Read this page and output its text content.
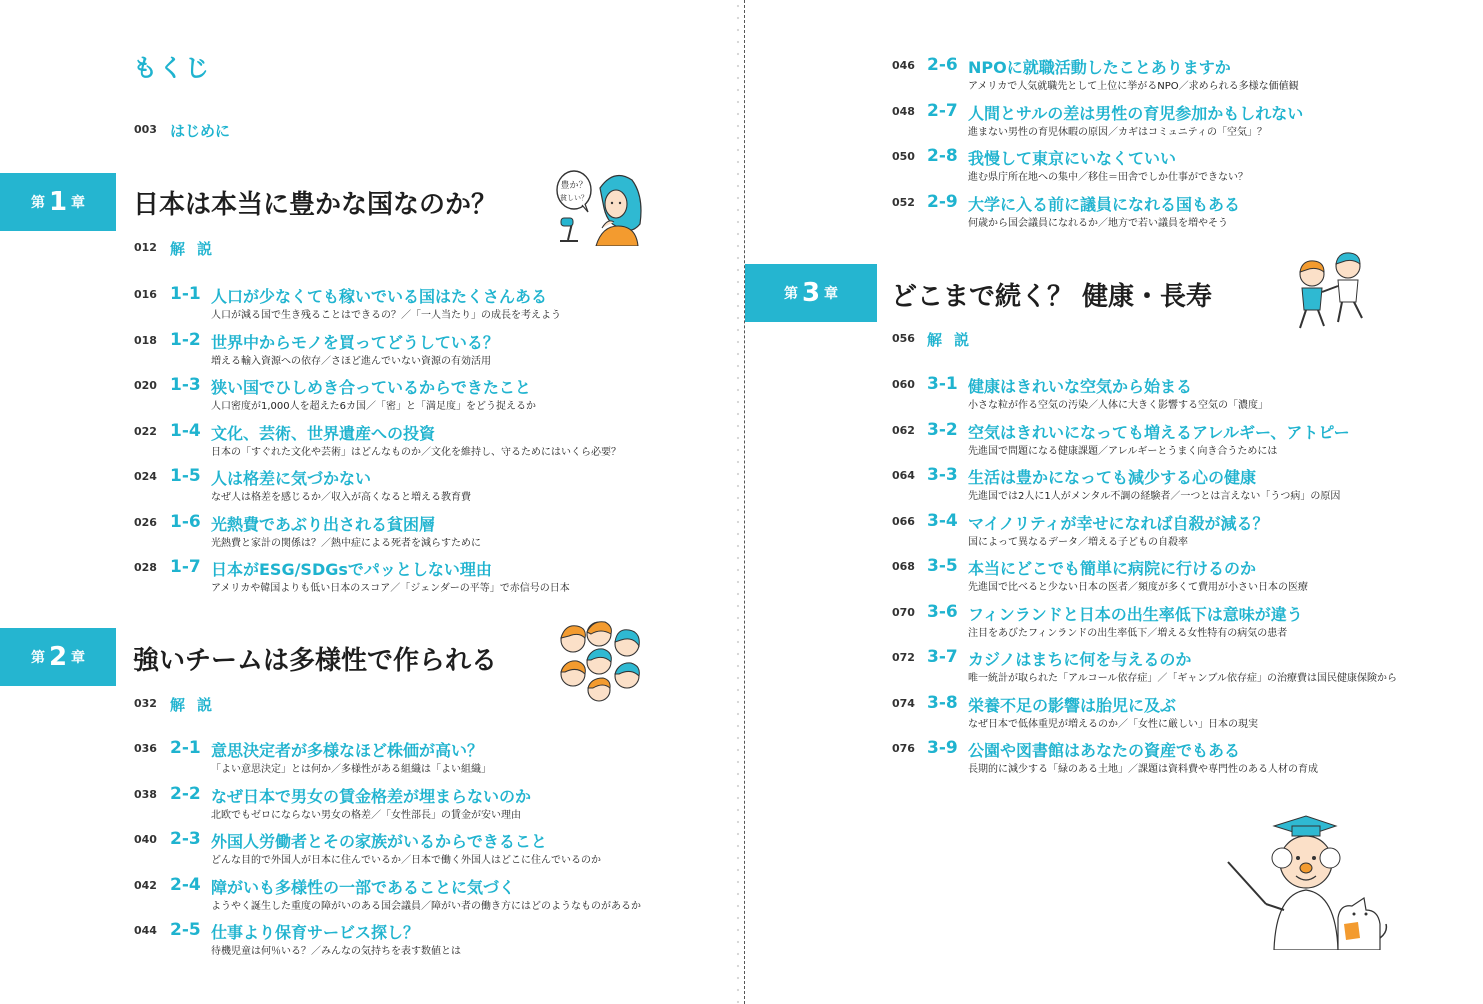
もくじ
003 はじめに
第 1 章 日本は本当に豊かな国なのか？
012 解説
016 1-1 人口が少なくても稼いでいる国はたくさんある
人口が減る国で生き残ることはできるの？／「一人当たり」の成長を考えよう
018 1-2 世界中からモノを買ってどうしている？
増える輸入資源への依存／さほど進んでいない資源の有効活用
020 1-3 狭い国でひしめき合っているからできたこと
人口密度が1,000人を超えた6カ国／「密」と「満足度」をどう捉えるか
022 1-4 文化、芸術、世界遺産への投資
日本の「すぐれた文化や芸術」はどんなものか／文化を維持し、守るためにはいくら必要？
024 1-5 人は格差に気づかない
なぜ人は格差を感じるか／収入が高くなると増える教育費
026 1-6 光熱費であぶり出される貧困層
光熱費と家計の関係は？／熱中症による死者を減らすために
028 1-7 日本がESG/SDGsでパッとしない理由
アメリカや韓国よりも低い日本のスコア／「ジェンダーの平等」で赤信号の日本
第 2 章 強いチームは多様性で作られる
032 解説
036 2-1 意思決定者が多様なほど株価が高い？
「よい意思決定」とは何か／多様性がある組織は「よい組織」
038 2-2 なぜ日本で男女の賃金格差が埋まらないのか
北欧でもゼロにならない男女の格差／「女性部長」の賃金が安い理由
040 2-3 外国人労働者とその家族がいるからできること
どんな目的で外国人が日本に住んでいるか／日本で働く外国人はどこに住んでいるのか
042 2-4 障がいも多様性の一部であることに気づく
ようやく誕生した重度の障がいのある国会議員／障がい者の働き方にはどのようなものがあるか
044 2-5 仕事より保育サービス探し？
待機児童は何％いる？／みんなの気持ちを表す数値とは
046 2-6 NPOに就職活動したことありますか
アメリカで人気就職先として上位に挙がるNPO／求められる多様な価値観
048 2-7 人間とサルの差は男性の育児参加かもしれない
進まない男性の育児休暇の原因／カギはコミュニティの「空気」？
050 2-8 我慢して東京にいなくていい
進む県庁所在地への集中／移住＝田舎でしか仕事ができない？
052 2-9 大学に入る前に議員になれる国もある
何歳から国会議員になれるか／地方で若い議員を増やそう
第 3 章 どこまで続く？ 健康・長寿
056 解説
060 3-1 健康はきれいな空気から始まる
小さな粒が作る空気の汚染／人体に大きく影響する空気の「濃度」
062 3-2 空気はきれいになっても増えるアレルギー、アトピー
先進国で問題になる健康課題／アレルギーとうまく向き合うためには
064 3-3 生活は豊かになっても減少する心の健康
先進国では2人に1人がメンタル不調の経験者／一つとは言えない「うつ病」の原因
066 3-4 マイノリティが幸せになれば自殺が減る？
国によって異なるデータ／増える子どもの自殺率
068 3-5 本当にどこでも簡単に病院に行けるのか
先進国で比べると少ない日本の医者／頻度が多くて費用が小さい日本の医療
070 3-6 フィンランドと日本の出生率低下は意味が違う
注目をあびたフィンランドの出生率低下／増える女性特有の病気の患者
072 3-7 カジノはまちに何を与えるのか
唯一統計が取られた「アルコール依存症」／「ギャンブル依存症」の治療費は国民健康保険から
074 3-8 栄養不足の影響は胎児に及ぶ
なぜ日本で低体重児が増えるのか／「女性に厳しい」日本の現実
076 3-9 公園や図書館はあなたの資産でもある
長期的に減少する「緑のある土地」／課題は資料費や専門性のある人材の育成
豊か？
貧しい？
